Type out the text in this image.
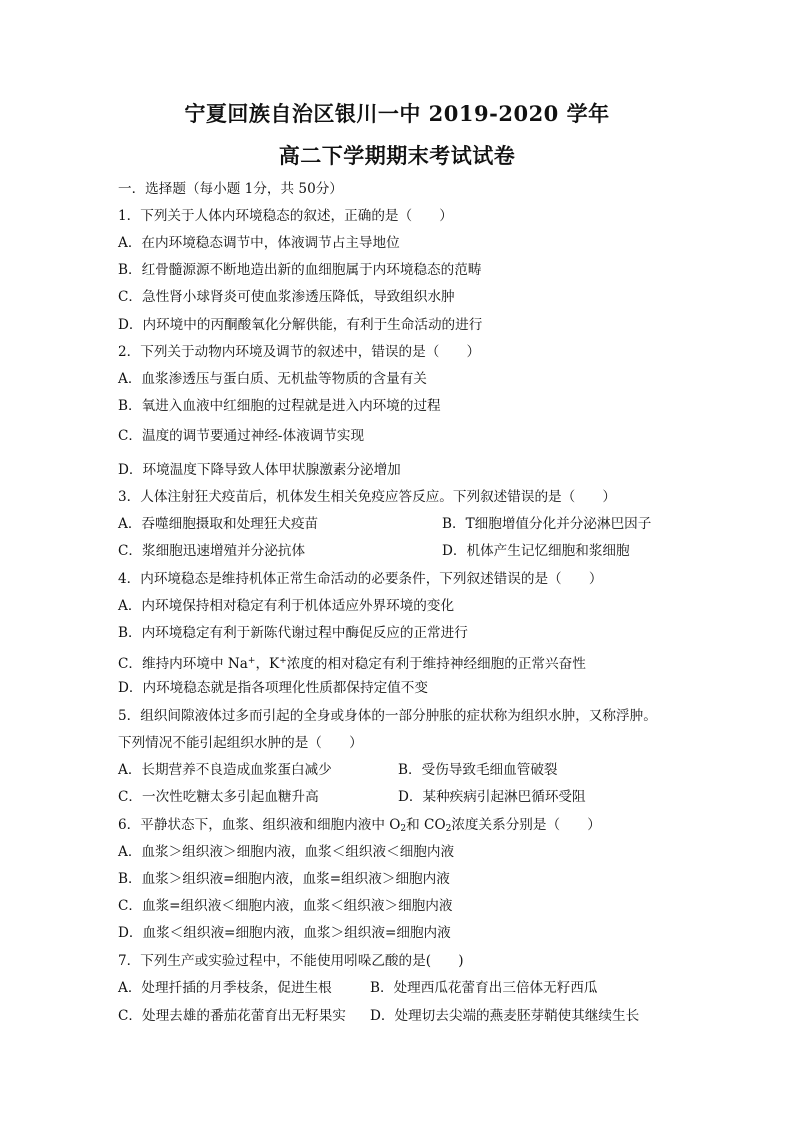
宁夏回族自治区银川一中 2019-2020 学年
高二下学期期末考试试卷
一．选择题（每小题 1分，共 50分）
1．下列关于人体内环境稳态的叙述，正确的是（　　）
A．在内环境稳态调节中，体液调节占主导地位
B．红骨髓源源不断地造出新的血细胞属于内环境稳态的范畴
C．急性肾小球肾炎可使血浆渗透压降低，导致组织水肿
D．内环境中的丙酮酸氧化分解供能，有利于生命活动的进行
2．下列关于动物内环境及调节的叙述中，错误的是（　　）
A．血浆渗透压与蛋白质、无机盐等物质的含量有关
B．氧进入血液中红细胞的过程就是进入内环境的过程
C．温度的调节要通过神经-体液调节实现
D．环境温度下降导致人体甲状腺激素分泌增加
3．人体注射狂犬疫苗后，机体发生相关免疫应答反应。下列叙述错误的是（　　）
A．吞噬细胞摄取和处理狂犬疫苗	B．T细胞增值分化并分泌淋巴因子
C．浆细胞迅速增殖并分泌抗体	D．机体产生记忆细胞和浆细胞
4．内环境稳态是维持机体正常生命活动的必要条件，下列叙述错误的是（　　）
A．内环境保持相对稳定有利于机体适应外界环境的变化
B．内环境稳定有利于新陈代谢过程中酶促反应的正常进行
C．维持内环境中 Na+，K+浓度的相对稳定有利于维持神经细胞的正常兴奋性
D．内环境稳态就是指各项理化性质都保持定值不变
5．组织间隙液体过多而引起的全身或身体的一部分肿胀的症状称为组织水肿，又称浮肿。
下列情况不能引起组织水肿的是（　　）
A．长期营养不良造成血浆蛋白减少	B．受伤导致毛细血管破裂
C．一次性吃糖太多引起血糖升高	D．某种疾病引起淋巴循环受阻
6．平静状态下，血浆、组织液和细胞内液中 $O_2$和 $CO_2$浓度关系分别是（　　）
A．血浆＞组织液＞细胞内液，血浆＜组织液＜细胞内液
B．血浆＞组织液=细胞内液，血浆=组织液＞细胞内液
C．血浆=组织液＜细胞内液，血浆＜组织液＞细胞内液
D．血浆＜组织液=细胞内液，血浆＞组织液=细胞内液
7．下列生产或实验过程中，不能使用吲哚乙酸的是(　　)
A．处理扦插的月季枝条，促进生根	B．处理西瓜花蕾育出三倍体无籽西瓜
C．处理去雄的番茄花蕾育出无籽果实 D．处理切去尖端的燕麦胚芽鞘使其继续生长
